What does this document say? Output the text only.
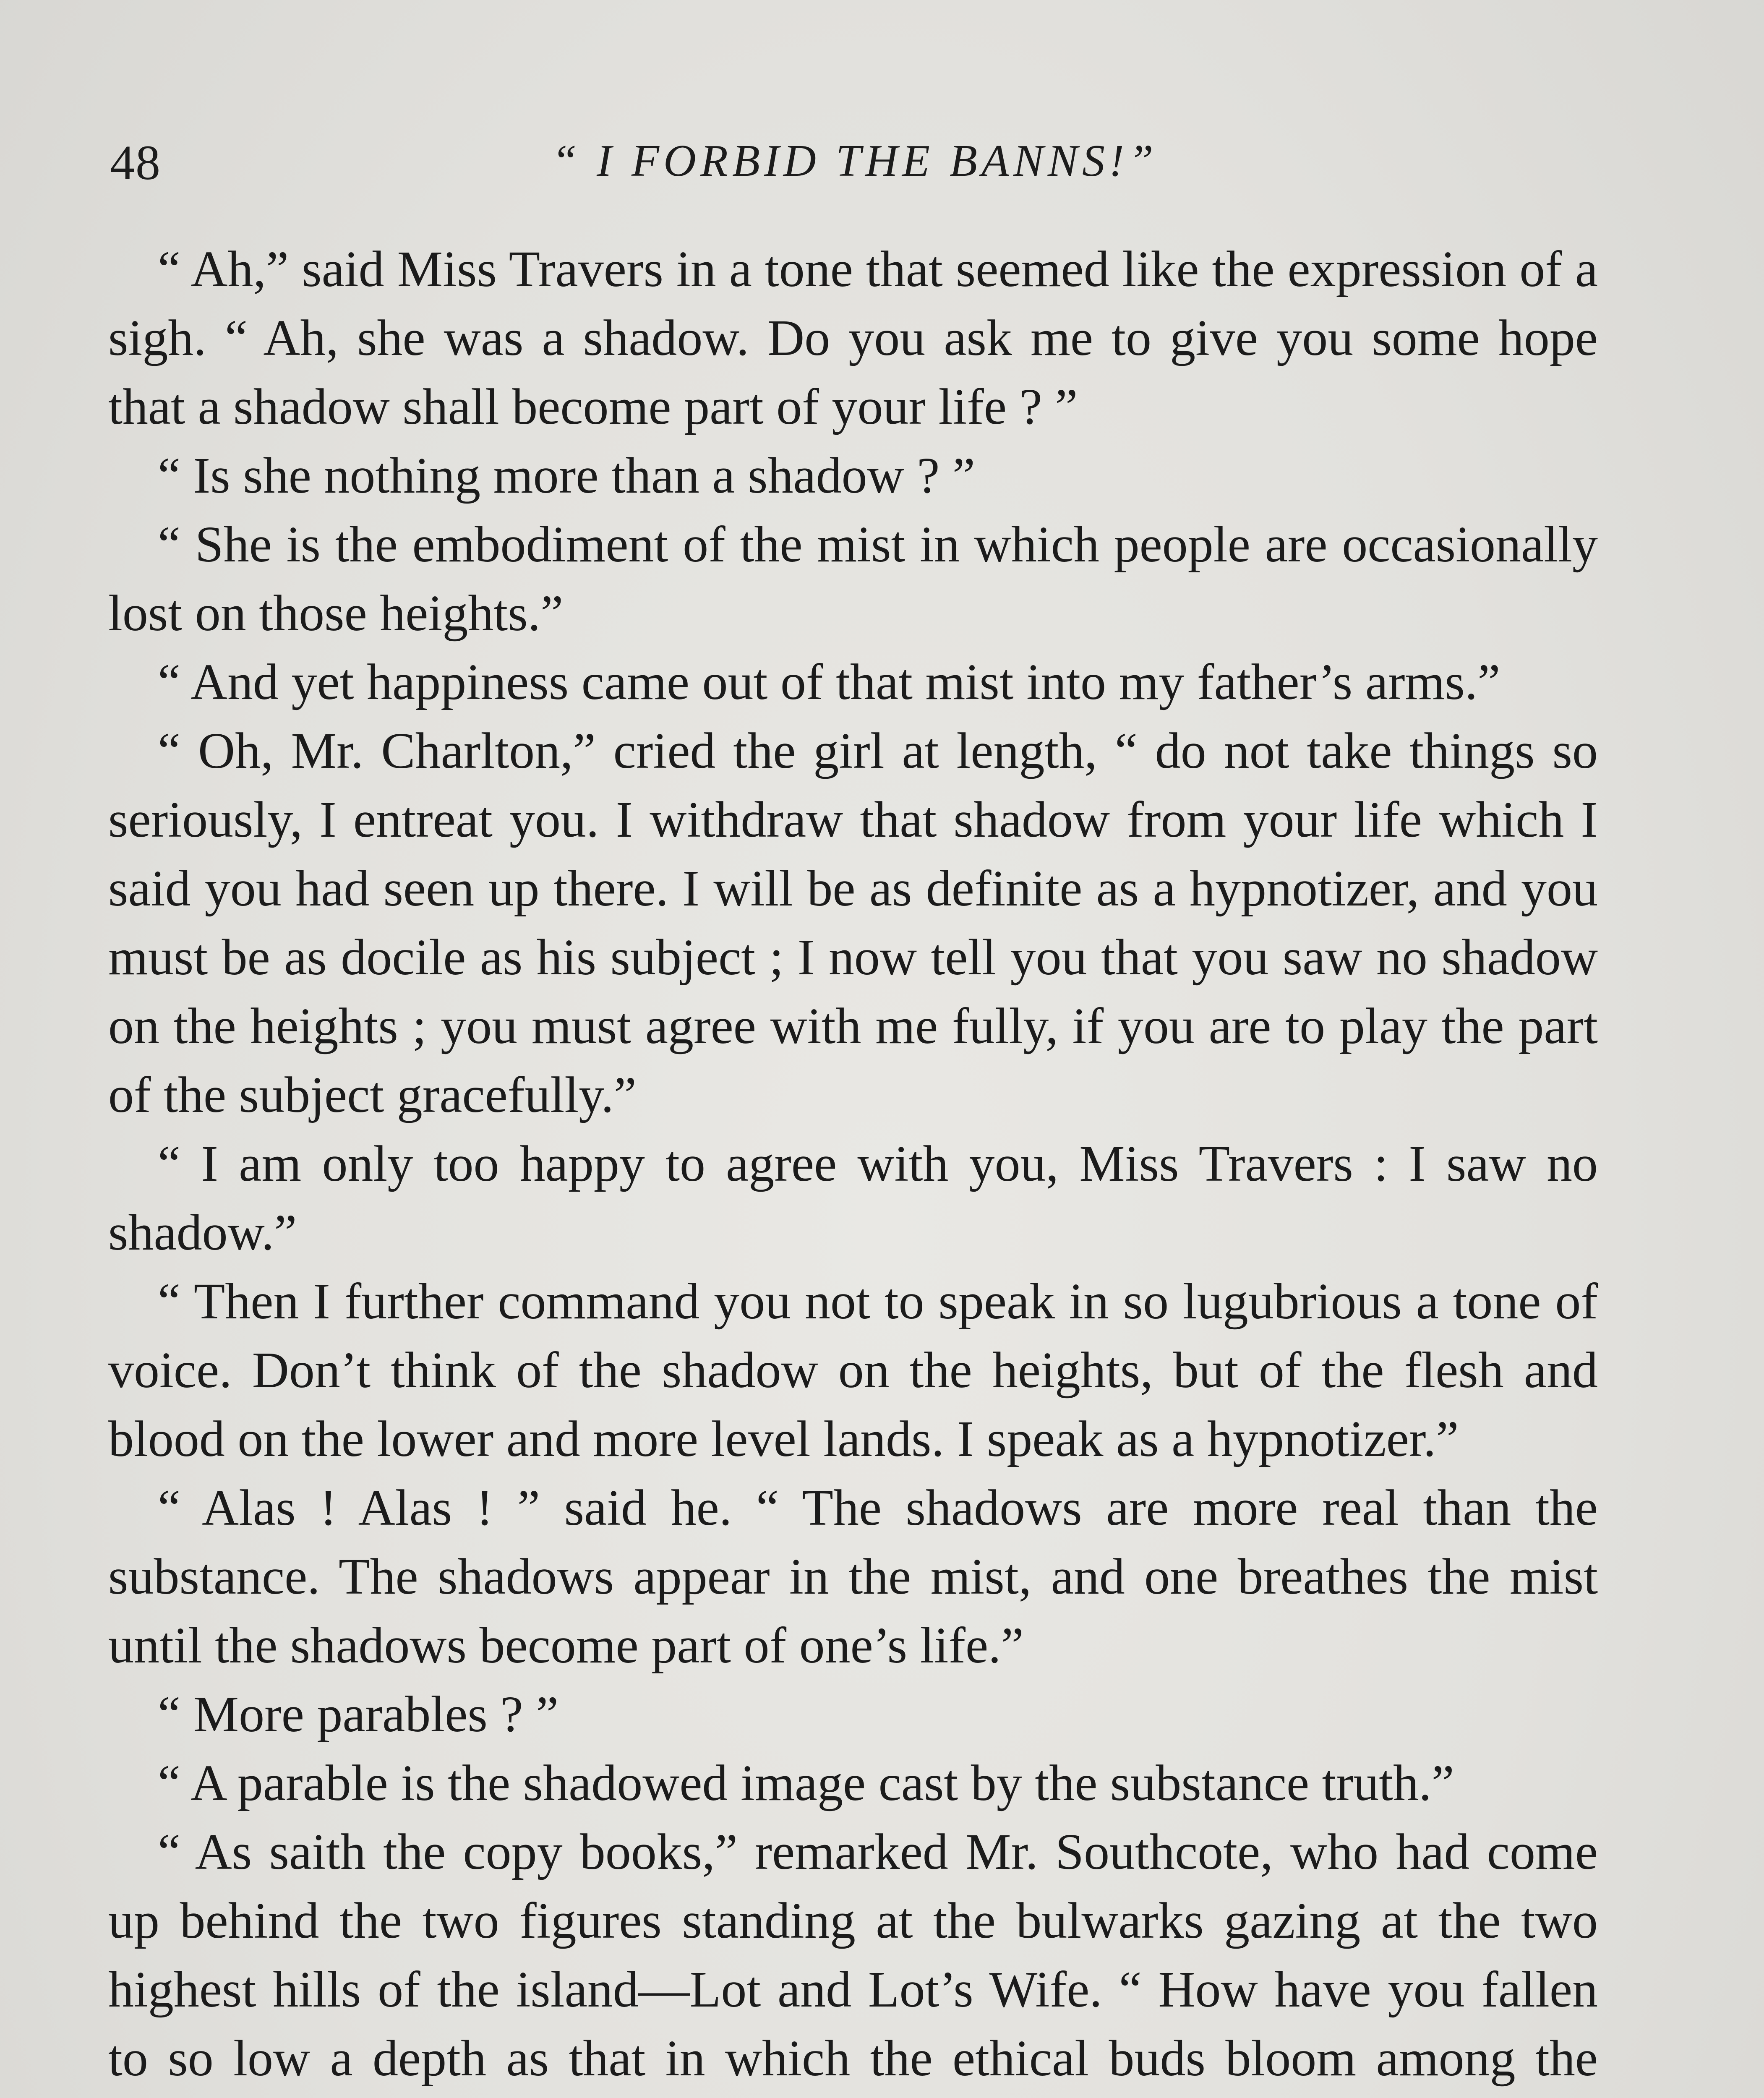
48	“ I FORBID THE BANNS!”

“ Ah,” said Miss Travers in a tone that seemed like the expression of a sigh. “ Ah, she was a shadow. Do you ask me to give you some hope that a shadow shall become part of your life ? ”

“ Is she nothing more than a shadow ? ”

“ She is the embodiment of the mist in which people are occasionally lost on those heights.”

“ And yet happiness came out of that mist into my father’s arms.”

“ Oh, Mr. Charlton,” cried the girl at length, “ do not take things so seriously, I entreat you. I withdraw that shadow from your life which I said you had seen up there. I will be as definite as a hypnotizer, and you must be as docile as his subject ; I now tell you that you saw no shadow on the heights ; you must agree with me fully, if you are to play the part of the subject gracefully.”

“ I am only too happy to agree with you, Miss Travers : I saw no shadow.”

“ Then I further command you not to speak in so lugubrious a tone of voice. Don’t think of the shadow on the heights, but of the flesh and blood on the lower and more level lands. I speak as a hypnotizer.”

“ Alas ! Alas ! ” said he. “ The shadows are more real than the substance. The shadows appear in the mist, and one breathes the mist until the shadows become part of one’s life.”

“ More parables ? ”

“ A parable is the shadowed image cast by the substance truth.”

“ As saith the copy books,” remarked Mr. Southcote, who had come up behind the two figures standing at the bulwarks gazing at the two highest hills of the island—Lot and Lot’s Wife. “ How have you fallen to so low a depth as that in which the ethical buds bloom among the
